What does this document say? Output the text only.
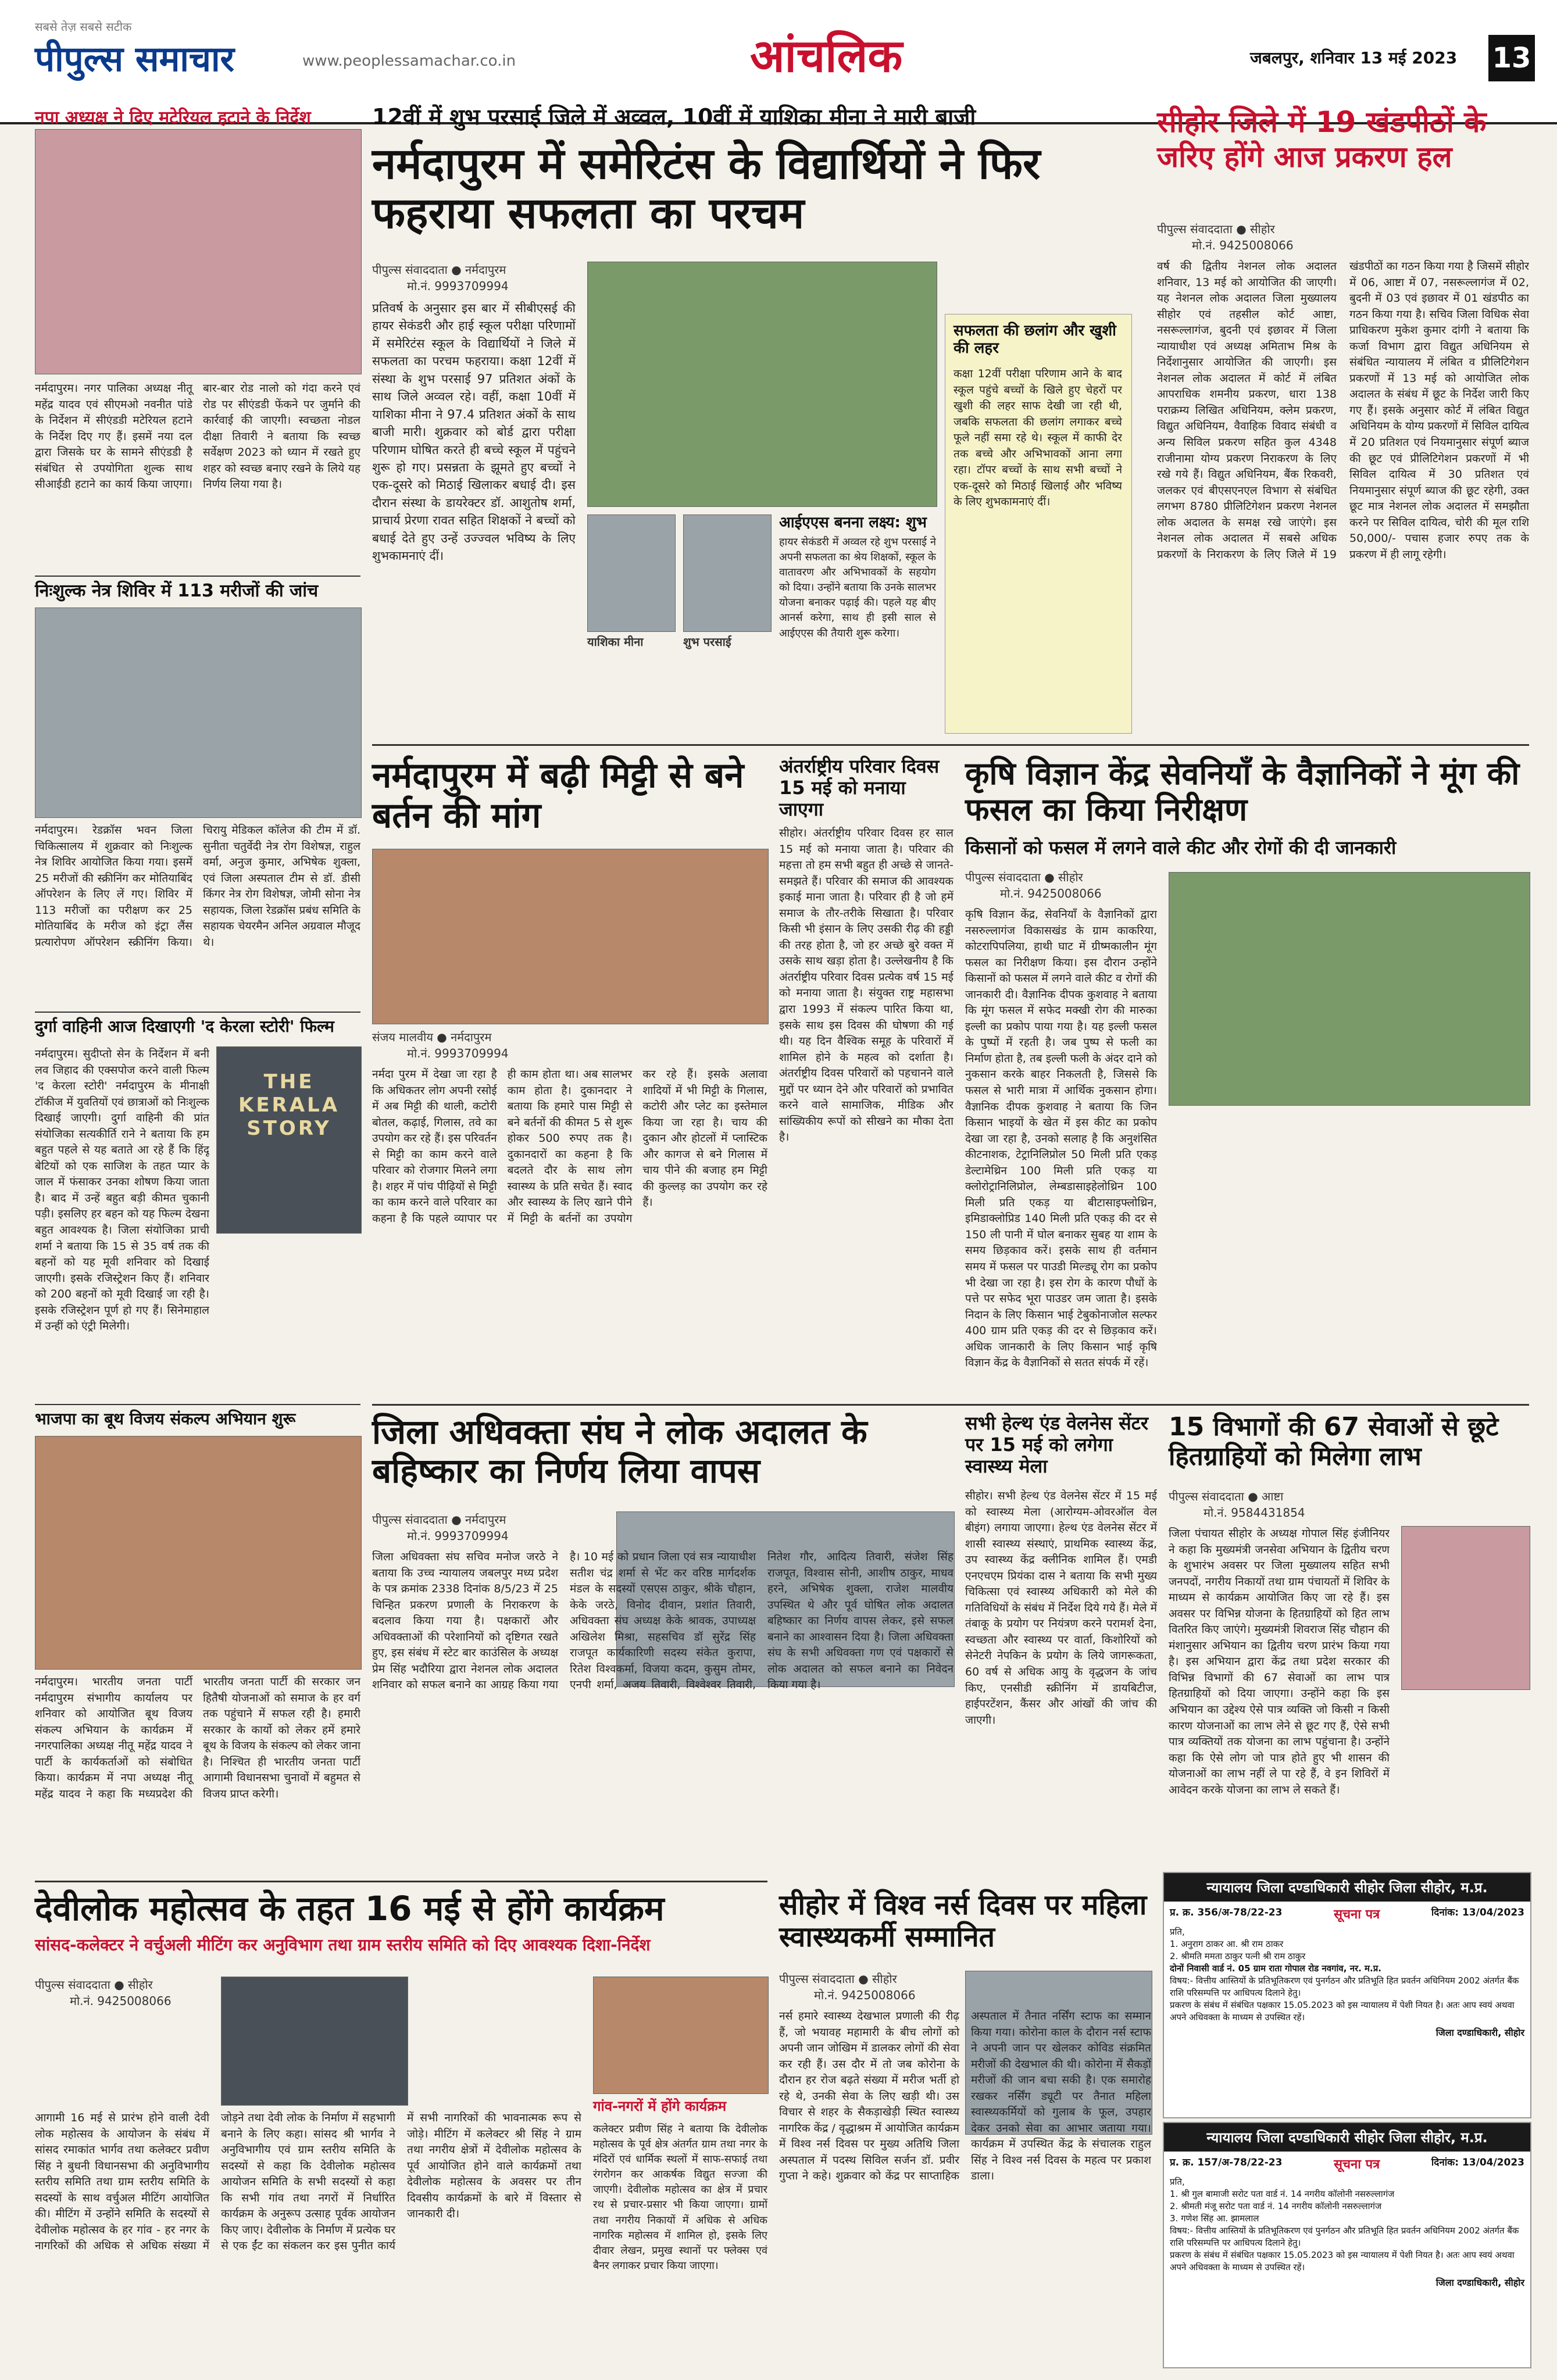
सबसे तेज़ सबसे सटीक
पीपुल्स समाचार	www.peoplessamachar.co.in	आंचलिक	जबलपुर, शनिवार 13 मई 2023 13
नपा अध्यक्ष ने दिए मटेरियल हटाने के निर्देश
नर्मदापुरम। नगर पालिका अध्यक्ष नीतू महेंद्र यादव एवं सीएमओ नवनीत पांडे के निर्देशन में सीएंडडी मटेरियल हटाने के निर्देश दिए गए हैं। इसमें नया दल द्वारा जिसके घर के सामने सीएंडडी है संबंधित से उपयोगिता शुल्क साथ सीआईडी हटाने का कार्य किया जाएगा। बार-बार रोड नालो को गंदा करने एवं रोड पर सीएंडडी फेंकने पर जुर्माने की कार्रवाई की जाएगी। स्वच्छता नोडल दीक्षा तिवारी ने बताया कि स्वच्छ सर्वेक्षण 2023 को ध्यान में रखते हुए शहर को स्वच्छ बनाए रखने के लिये यह निर्णय लिया गया है।
निःशुल्क नेत्र शिविर में 113 मरीजों की जांच
नर्मदापुरम। रेडक्रॉस भवन जिला चिकित्सालय में शुक्रवार को निःशुल्क नेत्र शिविर आयोजित किया गया। इसमें 25 मरीजों की स्क्रीनिंग कर मोतियाबिंद ऑपरेशन के लिए लें गए। शिविर में 113 मरीजों का परीक्षण कर 25 मोतियाबिंद के मरीज को इंट्रा लैंस प्रत्यारोपण ऑपरेशन स्क्रीनिंग किया। चिरायु मेडिकल कॉलेज की टीम में डॉ. सुनीता चतुर्वेदी नेत्र रोग विशेषज्ञ, राहुल वर्मा, अनुज कुमार, अभिषेक शुक्ला, एवं जिला अस्पताल टीम से डॉ. डीसी किंगर नेत्र रोग विशेषज्ञ, जोमी सोना नेत्र सहायक, जिला रेडक्रॉस प्रबंध समिति के सहायक चेयरमैन अनिल अग्रवाल मौजूद थे।
दुर्गा वाहिनी आज दिखाएगी 'द केरला स्टोरी' फिल्म
नर्मदापुरम। सुदीप्तो सेन के निर्देशन में बनी लव जिहाद की एक्सपोज करने वाली फिल्म 'द केरला स्टोरी' नर्मदापुरम के मीनाक्षी टॉकीज में युवतियों एवं छात्राओं को निःशुल्क दिखाई जाएगी। दुर्गा वाहिनी की प्रांत संयोजिका सत्यकीर्ति राने ने बताया कि हम बहुत पहले से यह बताते आ रहे हैं कि हिंदू बेटियों को एक साजिश के तहत प्यार के जाल में फंसाकर उनका शोषण किया जाता है। बाद में उन्हें बहुत बड़ी कीमत चुकानी पड़ी। इसलिए हर बहन को यह फिल्म देखना बहुत आवश्यक है। जिला संयोजिका प्राची शर्मा ने बताया कि 15 से 35 वर्ष तक की बहनों को यह मूवी शनिवार को दिखाई जाएगी। इसके रजिस्ट्रेशन किए हैं। शनिवार को 200 बहनों को मूवी दिखाई जा रही है। इसके रजिस्ट्रेशन पूर्ण हो गए हैं। सिनेमाहाल में उन्हीं को एंट्री मिलेगी।
THE KERALA STORY
भाजपा का बूथ विजय संकल्प अभियान शुरू
नर्मदापुरम। भारतीय जनता पार्टी नर्मदापुरम संभागीय कार्यालय पर शनिवार को आयोजित बूथ विजय संकल्प अभियान के कार्यक्रम में नगरपालिका अध्यक्ष नीतू महेंद्र यादव ने पार्टी के कार्यकर्ताओं को संबोधित किया। कार्यक्रम में नपा अध्यक्ष नीतू महेंद्र यादव ने कहा कि मध्यप्रदेश की भारतीय जनता पार्टी की सरकार जन हितैषी योजनाओं को समाज के हर वर्ग तक पहुंचाने में सफल रही है। हमारी सरकार के कार्यो को लेकर हमें हमारे बूथ के विजय के संकल्प को लेकर जाना है। निश्चित ही भारतीय जनता पार्टी आगामी विधानसभा चुनावों में बहुमत से विजय प्राप्त करेगी।
12वीं में शुभ परसाई जिले में अव्वल, 10वीं में याशिका मीना ने मारी बाजी
नर्मदापुरम में समेरिटंस के विद्यार्थियों ने फिर फहराया सफलता का परचम
पीपुल्स संवाददाता ● नर्मदापुरम
मो.नं. 9993709994
प्रतिवर्ष के अनुसार इस बार में सीबीएसई की हायर सेकंडरी और हाई स्कूल परीक्षा परिणामों में समेरिटंस स्कूल के विद्यार्थियों ने जिले में सफलता का परचम फहराया। कक्षा 12वीं में संस्था के शुभ परसाई 97 प्रतिशत अंकों के साथ जिले अव्वल रहे। वहीं, कक्षा 10वीं में याशिका मीना ने 97.4 प्रतिशत अंकों के साथ बाजी मारी। शुक्रवार को बोर्ड द्वारा परीक्षा परिणाम घोषित करते ही बच्चे स्कूल में पहुंचने शुरू हो गए। प्रसन्नता के झूमते हुए बच्चों ने एक-दूसरे को मिठाई खिलाकर बधाई दी। इस दौरान संस्था के डायरेक्टर डॉ. आशुतोष शर्मा, प्राचार्य प्रेरणा रावत सहित शिक्षकों ने बच्चों को बधाई देते हुए उन्हें उज्ज्वल भविष्य के लिए शुभकामनाएं दीं।
याशिका मीना	शुभ परसाई
आईएएस बनना लक्ष्य: शुभ
हायर सेकंडरी में अव्वल रहे शुभ परसाई ने अपनी सफलता का श्रेय शिक्षकों, स्कूल के वातावरण और अभिभावकों के सहयोग को दिया। उन्होंने बताया कि उनके सालभर योजना बनाकर पढ़ाई की। पहले यह बीए आनर्स करेगा, साथ ही इसी साल से आईएएस की तैयारी शुरू करेगा।
सफलता की छलांग और खुशी की लहर
कक्षा 12वीं परीक्षा परिणाम आने के बाद स्कूल पहुंचे बच्चों के खिले हुए चेहरों पर खुशी की लहर साफ देखी जा रही थी, जबकि सफलता की छलांग लगाकर बच्चे फूले नहीं समा रहे थे। स्कूल में काफी देर तक बच्चे और अभिभावकों आना लगा रहा। टॉपर बच्चों के साथ सभी बच्चों ने एक-दूसरे को मिठाई खिलाई और भविष्य के लिए शुभकामनाएं दीं।
सीहोर जिले में 19 खंडपीठों के जरिए होंगे आज प्रकरण हल
पीपुल्स संवाददाता ● सीहोर
मो.नं. 9425008066
वर्ष की द्वितीय नेशनल लोक अदालत शनिवार, 13 मई को आयोजित की जाएगी। यह नेशनल लोक अदालत जिला मुख्यालय सीहोर एवं तहसील कोर्ट आष्टा, नसरूल्लागंज, बुदनी एवं इछावर में जिला न्यायाधीश एवं अध्यक्ष अमिताभ मिश्र के निर्देशानुसार आयोजित की जाएगी। इस नेशनल लोक अदालत में कोर्ट में लंबित आपराधिक शमनीय प्रकरण, धारा 138 पराक्रम्य लिखित अधिनियम, क्लेम प्रकरण, विद्युत अधिनियम, वैवाहिक विवाद संबंधी व अन्य सिविल प्रकरण सहित कुल 4348 राजीनामा योग्य प्रकरण निराकरण के लिए रखे गये हैं। विद्युत अधिनियम, बैंक रिकवरी, जलकर एवं बीएसएनएल विभाग से संबंधित लगभग 8780 प्रीलिटिगेशन प्रकरण नेशनल लोक अदालत के समक्ष रखे जाएंगे। इस नेशनल लोक अदालत में सबसे अधिक प्रकरणों के निराकरण के लिए जिले में 19 खंडपीठों का गठन किया गया है जिसमें सीहोर में 06, आष्टा में 07, नसरूल्लागंज में 02, बुदनी में 03 एवं इछावर में 01 खंडपीठ का गठन किया गया है। सचिव जिला विधिक सेवा प्राधिकरण मुकेश कुमार दांगी ने बताया कि कर्जा विभाग द्वारा विद्युत अधिनियम से संबंधित न्यायालय में लंबित व प्रीलिटिगेशन प्रकरणों में 13 मई को आयोजित लोक अदालत के संबंध में छूट के निर्देश जारी किए गए हैं। इसके अनुसार कोर्ट में लंबित विद्युत अधिनियम के योग्य प्रकरणों में सिविल दायित्व में 20 प्रतिशत एवं नियमानुसार संपूर्ण ब्याज की छूट एवं प्रीलिटिगेशन प्रकरणों में भी सिविल दायित्व में 30 प्रतिशत एवं नियमानुसार संपूर्ण ब्याज की छूट रहेगी, उक्त छूट मात्र नेशनल लोक अदालत में समझौता करने पर सिविल दायित्व, चोरी की मूल राशि 50,000/- पचास हजार रुपए तक के प्रकरण में ही लागू रहेगी।
नर्मदापुरम में बढ़ी मिट्टी से बने बर्तन की मांग
संजय मालवीय ● नर्मदापुरम
मो.नं. 9993709994
नर्मदा पुरम में देखा जा रहा है कि अधिकतर लोग अपनी रसोई में अब मिट्टी की थाली, कटोरी बोतल, कढ़ाई, गिलास, तवे का उपयोग कर रहे हैं। इस परिवर्तन से मिट्टी का काम करने वाले परिवार को रोजगार मिलने लगा है। शहर में पांच पीढ़ियों से मिट्टी का काम करने वाले परिवार का कहना है कि पहले व्यापार पर ही काम होता था। अब सालभर काम होता है। दुकानदार ने बताया कि हमारे पास मिट्टी से बने बर्तनों की कीमत 5 से शुरू होकर 500 रुपए तक है। दुकानदारों का कहना है कि बदलते दौर के साथ लोग स्वास्थ्य के प्रति सचेत हैं। स्वाद और स्वास्थ्य के लिए खाने पीने में मिट्टी के बर्तनों का उपयोग कर रहे हैं। इसके अलावा शादियों में भी मिट्टी के गिलास, कटोरी और प्लेट का इस्तेमाल किया जा रहा है। चाय की दुकान और होटलों में प्लास्टिक और कागज से बने गिलास में चाय पीने की बजाह हम मिट्टी की कुल्लड़ का उपयोग कर रहे हैं।
अंतर्राष्ट्रीय परिवार दिवस 15 मई को मनाया जाएगा
सीहोर। अंतर्राष्ट्रीय परिवार दिवस हर साल 15 मई को मनाया जाता है। परिवार की महत्ता तो हम सभी बहुत ही अच्छे से जानते-समझते हैं। परिवार की समाज की आवश्यक इकाई माना जाता है। परिवार ही है जो हमें समाज के तौर-तरीके सिखाता है। परिवार किसी भी इंसान के लिए उसकी रीढ़ की हड्डी की तरह होता है, जो हर अच्छे बुरे वक्त में उसके साथ खड़ा होता है। उल्लेखनीय है कि अंतर्राष्ट्रीय परिवार दिवस प्रत्येक वर्ष 15 मई को मनाया जाता है। संयुक्त राष्ट्र महासभा द्वारा 1993 में संकल्प पारित किया था, इसके साथ इस दिवस की घोषणा की गई थी। यह दिन वैश्विक समूह के परिवारों में शामिल होने के महत्व को दर्शाता है। अंतर्राष्ट्रीय दिवस परिवारों को पहचानने वाले मुद्दों पर ध्यान देने और परिवारों को प्रभावित करने वाले सामाजिक, मीडिक और सांख्यिकीय रूपों को सीखने का मौका देता है।
कृषि विज्ञान केंद्र सेवनियाँ के वैज्ञानिकों ने मूंग की फसल का किया निरीक्षण
किसानों को फसल में लगने वाले कीट और रोगों की दी जानकारी
पीपुल्स संवाददाता ● सीहोर
मो.नं. 9425008066
कृषि विज्ञान केंद्र, सेवनियाँ के वैज्ञानिकों द्वारा नसरुल्लागंज विकासखंड के ग्राम काकरिया, कोटरापिपलिया, हाथी घाट में ग्रीष्मकालीन मूंग फसल का निरीक्षण किया। इस दौरान उन्होंने किसानों को फसल में लगने वाले कीट व रोगों की जानकारी दी। वैज्ञानिक दीपक कुशवाह ने बताया कि मूंग फसल में सफेद मक्खी रोग की मारुका इल्ली का प्रकोप पाया गया है। यह इल्ली फसल के पुष्पों में रहती है। जब पुष्प से फली का निर्माण होता है, तब इल्ली फली के अंदर दाने को नुकसान करके बाहर निकलती है, जिससे कि फसल से भारी मात्रा में आर्थिक नुकसान होगा। वैज्ञानिक दीपक कुशवाह ने बताया कि जिन किसान भाइयों के खेत में इस कीट का प्रकोप देखा जा रहा है, उनको सलाह है कि अनुशंसित कीटनाशक, टेट्रानिलिप्रोल 50 मिली प्रति एकड़ डेल्टामेथ्रिन 100 मिली प्रति एकड़ या क्लोरोट्रानिलिप्रोल, लेम्बडासाइहेलोथ्रिन 100 मिली प्रति एकड़ या बीटासाइफ्लोथ्रिन, इमिडाक्लोप्रिड 140 मिली प्रति एकड़ की दर से 150 ली पानी में घोल बनाकर सुबह या शाम के समय छिड़काव करें। इसके साथ ही वर्तमान समय में फसल पर पाउडी मिल्ड्यू रोग का प्रकोप भी देखा जा रहा है। इस रोग के कारण पौधों के पत्ते पर सफेद भूरा पाउडर जम जाता है। इसके निदान के लिए किसान भाई टेबुकोनाजोल सल्फर 400 ग्राम प्रति एकड़ की दर से छिड़काव करें। अधिक जानकारी के लिए किसान भाई कृषि विज्ञान केंद्र के वैज्ञानिकों से सतत संपर्क में रहें।
जिला अधिवक्ता संघ ने लोक अदालत के बहिष्कार का निर्णय लिया वापस
पीपुल्स संवाददाता ● नर्मदापुरम
मो.नं. 9993709994
जिला अधिवक्ता संघ सचिव मनोज जरठे ने बताया कि उच्च न्यायालय जबलपुर मध्य प्रदेश के पत्र क्रमांक 2338 दिनांक 8/5/23 में 25 चिन्हित प्रकरण प्रणाली के निराकरण के बदलाव किया गया है। पक्षकारों और अधिवक्ताओं की परेशानियों को दृष्टिगत रखते हुए, इस संबंध में स्टेट बार काउंसिल के अध्यक्ष प्रेम सिंह भदौरिया द्वारा नेशनल लोक अदालत शनिवार को सफल बनाने का आग्रह किया गया है। 10 मई को प्रधान जिला एवं सत्र न्यायाधीश सतीश चंद्र शर्मा से भेंट कर वरिष्ठ मार्गदर्शक मंडल के सदस्यों एसएस ठाकुर, श्रीके चौहान, केके जरठे, विनोद दीवान, प्रशांत तिवारी, अधिवक्ता संघ अध्यक्ष केके श्रावक, उपाध्यक्ष अखिलेश मिश्रा, सहसचिव डॉ सुरेंद्र सिंह राजपूत कार्यकारिणी सदस्य संकेत कुरापा, रितेश विश्वकर्मा, विजया कदम, कुसुम तोमर, एनपी शर्मा, अजय तिवारी, विश्वेश्वर तिवारी, नितेश गौर, आदित्य तिवारी, संजेश सिंह राजपूत, विश्वास सोनी, आशीष ठाकुर, माधव हरने, अभिषेक शुक्ला, राजेश मालवीय उपस्थित थे और पूर्व घोषित लोक अदालत बहिष्कार का निर्णय वापस लेकर, इसे सफल बनाने का आश्वासन दिया है। जिला अधिवक्ता संघ के सभी अधिवक्ता गण एवं पक्षकारों से लोक अदालत को सफल बनाने का निवेदन किया गया है।
सभी हेल्थ एंड वेलनेस सेंटर पर 15 मई को लगेगा स्वास्थ्य मेला
सीहोर। सभी हेल्थ एंड वेलनेस सेंटर में 15 मई को स्वास्थ्य मेला (आरोग्यम-ओवरऑल वेल बीइंग) लगाया जाएगा। हेल्थ एंड वेलनेस सेंटर में शासी स्वास्थ्य संस्थाएं, प्राथमिक स्वास्थ्य केंद्र, उप स्वास्थ्य केंद्र क्लीनिक शामिल हैं। एमडी एनएचएम प्रियंका दास ने बताया कि सभी मुख्य चिकित्सा एवं स्वास्थ्य अधिकारी को मेले की गतिविधियों के संबंध में निर्देश दिये गये हैं। मेले में तंबाकू के प्रयोग पर नियंत्रण करने परामर्श देना, स्वच्छता और स्वास्थ्य पर वार्ता, किशोरियों को सेनेटरी नेपकिन के प्रयोग के लिये जागरूकता, 60 वर्ष से अधिक आयु के वृद्धजन के जांच किए, एनसीडी स्क्रीनिंग में डायबिटीज, हाईपरटेंशन, कैंसर और आंखों की जांच की जाएगी।
15 विभागों की 67 सेवाओं से छूटे हितग्राहियों को मिलेगा लाभ
पीपुल्स संवाददाता ● आष्टा
मो.नं. 9584431854
जिला पंचायत सीहोर के अध्यक्ष गोपाल सिंह इंजीनियर ने कहा कि मुख्यमंत्री जनसेवा अभियान के द्वितीय चरण के शुभारंभ अवसर पर जिला मुख्यालय सहित सभी जनपदों, नगरीय निकायों तथा ग्राम पंचायतों में शिविर के माध्यम से कार्यक्रम आयोजित किए जा रहे हैं। इस अवसर पर विभिन्न योजना के हितग्राहियों को हित लाभ वितरित किए जाएंगे। मुख्यमंत्री शिवराज सिंह चौहान की मंशानुसार अभियान का द्वितीय चरण प्रारंभ किया गया है। इस अभियान द्वारा केंद्र तथा प्रदेश सरकार की विभिन्न विभागों की 67 सेवाओं का लाभ पात्र हितग्राहियों को दिया जाएगा। उन्होंने कहा कि इस अभियान का उद्देश्य ऐसे पात्र व्यक्ति जो किसी न किसी कारण योजनाओं का लाभ लेने से छूट गए हैं, ऐसे सभी पात्र व्यक्तियों तक योजना का लाभ पहुंचाना है। उन्होंने कहा कि ऐसे लोग जो पात्र होते हुए भी शासन की योजनाओं का लाभ नहीं ले पा रहे हैं, वे इन शिविरों में आवेदन करके योजना का लाभ ले सकते हैं।
देवीलोक महोत्सव के तहत 16 मई से होंगे कार्यक्रम
सांसद-कलेक्टर ने वर्चुअली मीटिंग कर अनुविभाग तथा ग्राम स्तरीय समिति को दिए आवश्यक दिशा-निर्देश
पीपुल्स संवाददाता ● सीहोर
मो.नं. 9425008066
गांव-नगरों में होंगे कार्यक्रम
कलेक्टर प्रवीण सिंह ने बताया कि देवीलोक महोत्सव के पूर्व क्षेत्र अंतर्गत ग्राम तथा नगर के मंदिरों एवं धार्मिक स्थलों में साफ-सफाई तथा रंगरोगन कर आकर्षक विद्युत सज्जा की जाएगी। देवीलोक महोत्सव का क्षेत्र में प्रचार रथ से प्रचार-प्रसार भी किया जाएगा। ग्रामों तथा नगरीय निकायों में अधिक से अधिक नागरिक महोत्सव में शामिल हो, इसके लिए दीवार लेखन, प्रमुख स्थानों पर फ्लेक्स एवं बैनर लगाकर प्रचार किया जाएगा।
आगामी 16 मई से प्रारंभ होने वाली देवी लोक महोत्सव के आयोजन के संबंध में सांसद रमाकांत भार्गव तथा कलेक्टर प्रवीण सिंह ने बुधनी विधानसभा की अनुविभागीय स्तरीय समिति तथा ग्राम स्तरीय समिति के सदस्यों के साथ वर्चुअल मीटिंग आयोजित की। मीटिंग में उन्होंने समिति के सदस्यों से देवीलोक महोत्सव के हर गांव - हर नगर के नागरिकों की अधिक से अधिक संख्या में जोड़ने तथा देवी लोक के निर्माण में सहभागी बनाने के लिए कहा। सांसद श्री भार्गव ने अनुविभागीय एवं ग्राम स्तरीय समिति के सदस्यों से कहा कि देवीलोक महोत्सव आयोजन समिति के सभी सदस्यों से कहा कि सभी गांव तथा नगरों में निर्धारित कार्यक्रम के अनुरूप उत्साह पूर्वक आयोजन किए जाए। देवीलोक के निर्माण में प्रत्येक घर से एक ईंट का संकलन कर इस पुनीत कार्य में सभी नागरिकों की भावनात्मक रूप से जोड़े। मीटिंग में कलेक्टर श्री सिंह ने ग्राम तथा नगरीय क्षेत्रों में देवीलोक महोत्सव के पूर्व आयोजित होने वाले कार्यक्रमों तथा देवीलोक महोत्सव के अवसर पर तीन दिवसीय कार्यक्रमों के बारे में विस्तार से जानकारी दी।
सीहोर में विश्व नर्स दिवस पर महिला स्वास्थ्यकर्मी सम्मानित
पीपुल्स संवाददाता ● सीहोर
मो.नं. 9425008066
नर्स हमारे स्वास्थ्य देखभाल प्रणाली की रीढ़ हैं, जो भयावह महामारी के बीच लोगों को अपनी जान जोखिम में डालकर लोगों की सेवा कर रही हैं। उस दौर में तो जब कोरोना के दौरान हर रोज बढ़ते संख्या में मरीज भर्ती हो रहे थे, उनकी सेवा के लिए खड़ी थी। उस विचार से शहर के सैकड़ाखेड़ी स्थित स्वास्थ्य नागरिक केंद्र / वृद्धाश्रम में आयोजित कार्यक्रम में विश्व नर्स दिवस पर मुख्य अतिथि जिला अस्पताल में पदस्थ सिविल सर्जन डॉ. प्रवीर गुप्ता ने कहे। शुक्रवार को केंद्र पर साप्ताहिक अस्पताल में तैनात नर्सिंग स्टाफ का सम्मान किया गया। कोरोना काल के दौरान नर्स स्टाफ ने अपनी जान पर खेलकर कोविड संक्रमित मरीजों की देखभाल की थी। कोरोना में सैकड़ों मरीजों की जान बचा सकी है। एक समारोह रखकर नर्सिंग ड्यूटी पर तैनात महिला स्वास्थ्यकर्मियों को गुलाब के फूल, उपहार देकर उनको सेवा का आभार जताया गया। कार्यक्रम में उपस्थित केंद्र के संचालक राहुल सिंह ने विश्व नर्स दिवस के महत्व पर प्रकाश डाला।
न्यायालय जिला दण्डाधिकारी सीहोर जिला सीहोर, म.प्र.
प्र. क्र. 356/अ-78/22-23	सूचना पत्र	दिनांक: 13/04/2023
प्रति,
1. अनुराग ठाकर आ. श्री राम ठाकर
2. श्रीमति ममता ठाकुर पत्नी श्री राम ठाकुर
दोनों निवासी वार्ड नं. 05 ग्राम राता गोपाल रोड नवगांव, नर. म.प्र.
विषय:- वित्तीय आस्तियों के प्रतिभूतिकरण एवं पुनर्गठन और प्रतिभूति हित प्रवर्तन अधिनियम 2002 अंतर्गत बैंक राशि परिसम्पत्ति पर आधिपत्य दिलाने हेतु।
प्रकरण के संबंध में संबंधित पक्षकार 15.05.2023 को इस न्यायालय में पेशी नियत है। अतः आप स्वयं अथवा अपने अधिवक्ता के माध्यम से उपस्थित रहें।
जिला दण्डाधिकारी, सीहोर
न्यायालय जिला दण्डाधिकारी सीहोर जिला सीहोर, म.प्र.
प्र. क्र. 157/अ-78/22-23	सूचना पत्र	दिनांक: 13/04/2023
प्रति,
1. श्री गुल बामाजी सरोट पता वार्ड नं. 14 नगरीय कॉलोनी नसरुल्लागंज
2. श्रीमती मंजू सरोट पता वार्ड नं. 14 नगरीय कॉलोनी नसरुल्लागंज
3. गणेश सिंह आ. झामलाल
विषय:- वित्तीय आस्तियों के प्रतिभूतिकरण एवं पुनर्गठन और प्रतिभूति हित प्रवर्तन अधिनियम 2002 अंतर्गत बैंक राशि परिसम्पत्ति पर आधिपत्य दिलाने हेतु।
प्रकरण के संबंध में संबंधित पक्षकार 15.05.2023 को इस न्यायालय में पेशी नियत है। अतः आप स्वयं अथवा अपने अधिवक्ता के माध्यम से उपस्थित रहें।
जिला दण्डाधिकारी, सीहोर
